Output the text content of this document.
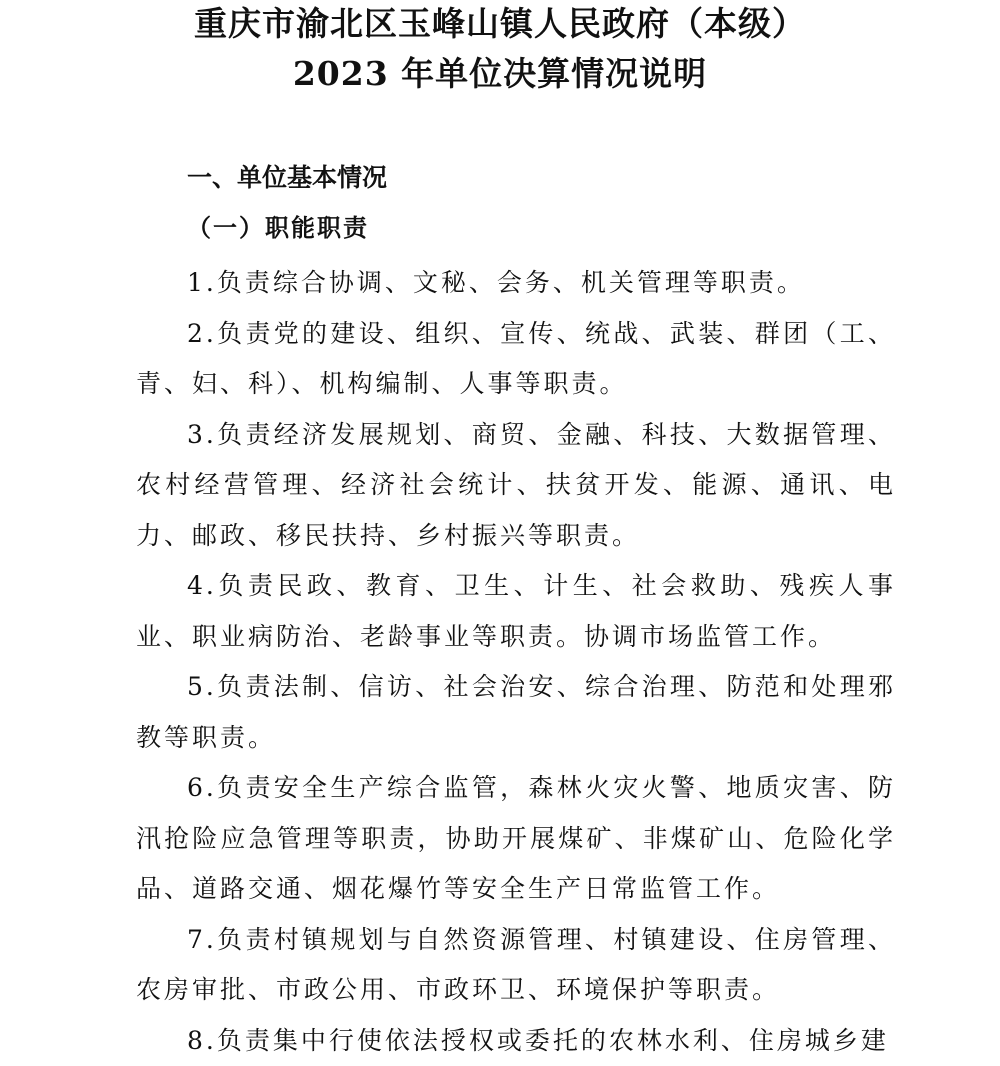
重庆市渝北区玉峰山镇人民政府（本级）
2023 年单位决算情况说明
一、单位基本情况
（一）职能职责

1.负责综合协调、文秘、会务、机关管理等职责。

2.负责党的建设、组织、宣传、统战、武装、群团（工、青、妇、科）、机构编制、人事等职责。

3.负责经济发展规划、商贸、金融、科技、大数据管理、农村经营管理、经济社会统计、扶贫开发、能源、通讯、电力、邮政、移民扶持、乡村振兴等职责。

4.负责民政、教育、卫生、计生、社会救助、残疾人事业、职业病防治、老龄事业等职责。协调市场监管工作。

5.负责法制、信访、社会治安、综合治理、防范和处理邪教等职责。

6.负责安全生产综合监管，森林火灾火警、地质灾害、防汛抢险应急管理等职责，协助开展煤矿、非煤矿山、危险化学品、道路交通、烟花爆竹等安全生产日常监管工作。

7.负责村镇规划与自然资源管理、村镇建设、住房管理、农房审批、市政公用、市政环卫、环境保护等职责。

8.负责集中行使依法授权或委托的农林水利、住房城乡建
